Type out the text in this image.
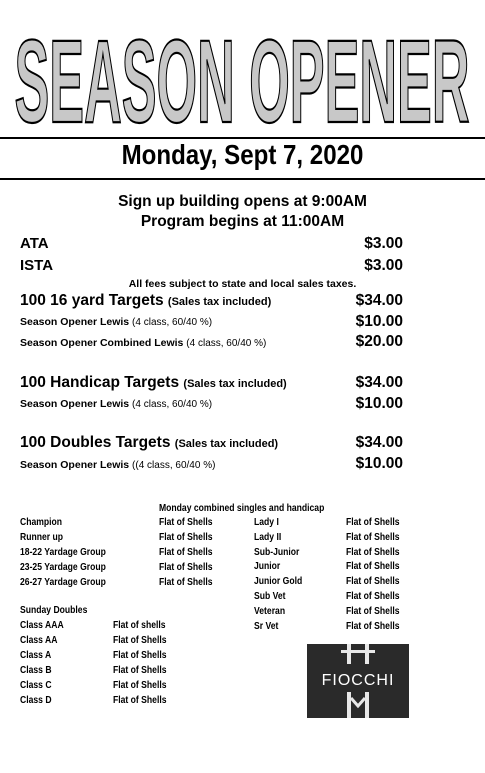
SEASON OPENER
Monday, Sept 7, 2020
Sign up building opens at 9:00AM
Program begins at 11:00AM
ATA	$3.00
ISTA	$3.00
All fees subject to state and local sales taxes.
100 16 yard Targets (Sales tax included)	$34.00
Season Opener Lewis (4 class, 60/40 %)	$10.00
Season Opener Combined Lewis (4 class, 60/40 %)	$20.00
100 Handicap Targets (Sales tax included)	$34.00
Season Opener Lewis (4 class, 60/40 %)	$10.00
100 Doubles Targets (Sales tax included)	$34.00
Season Opener Lewis ((4 class, 60/40 %)	$10.00
Monday combined singles and handicap
Champion	Flat of Shells
Runner up	Flat of Shells
18-22 Yardage Group	Flat of Shells
23-25 Yardage Group	Flat of Shells
26-27 Yardage Group	Flat of Shells
Lady I	Flat of Shells
Lady II	Flat of Shells
Sub-Junior	Flat of Shells
Junior	Flat of Shells
Junior Gold	Flat of Shells
Sub Vet	Flat of Shells
Veteran	Flat of Shells
Sr Vet	Flat of Shells
Sunday Doubles
Class AAA	Flat of shells
Class AA	Flat of Shells
Class A	Flat of Shells
Class B	Flat of Shells
Class C	Flat of Shells
Class D	Flat of Shells
FIOCCHI
